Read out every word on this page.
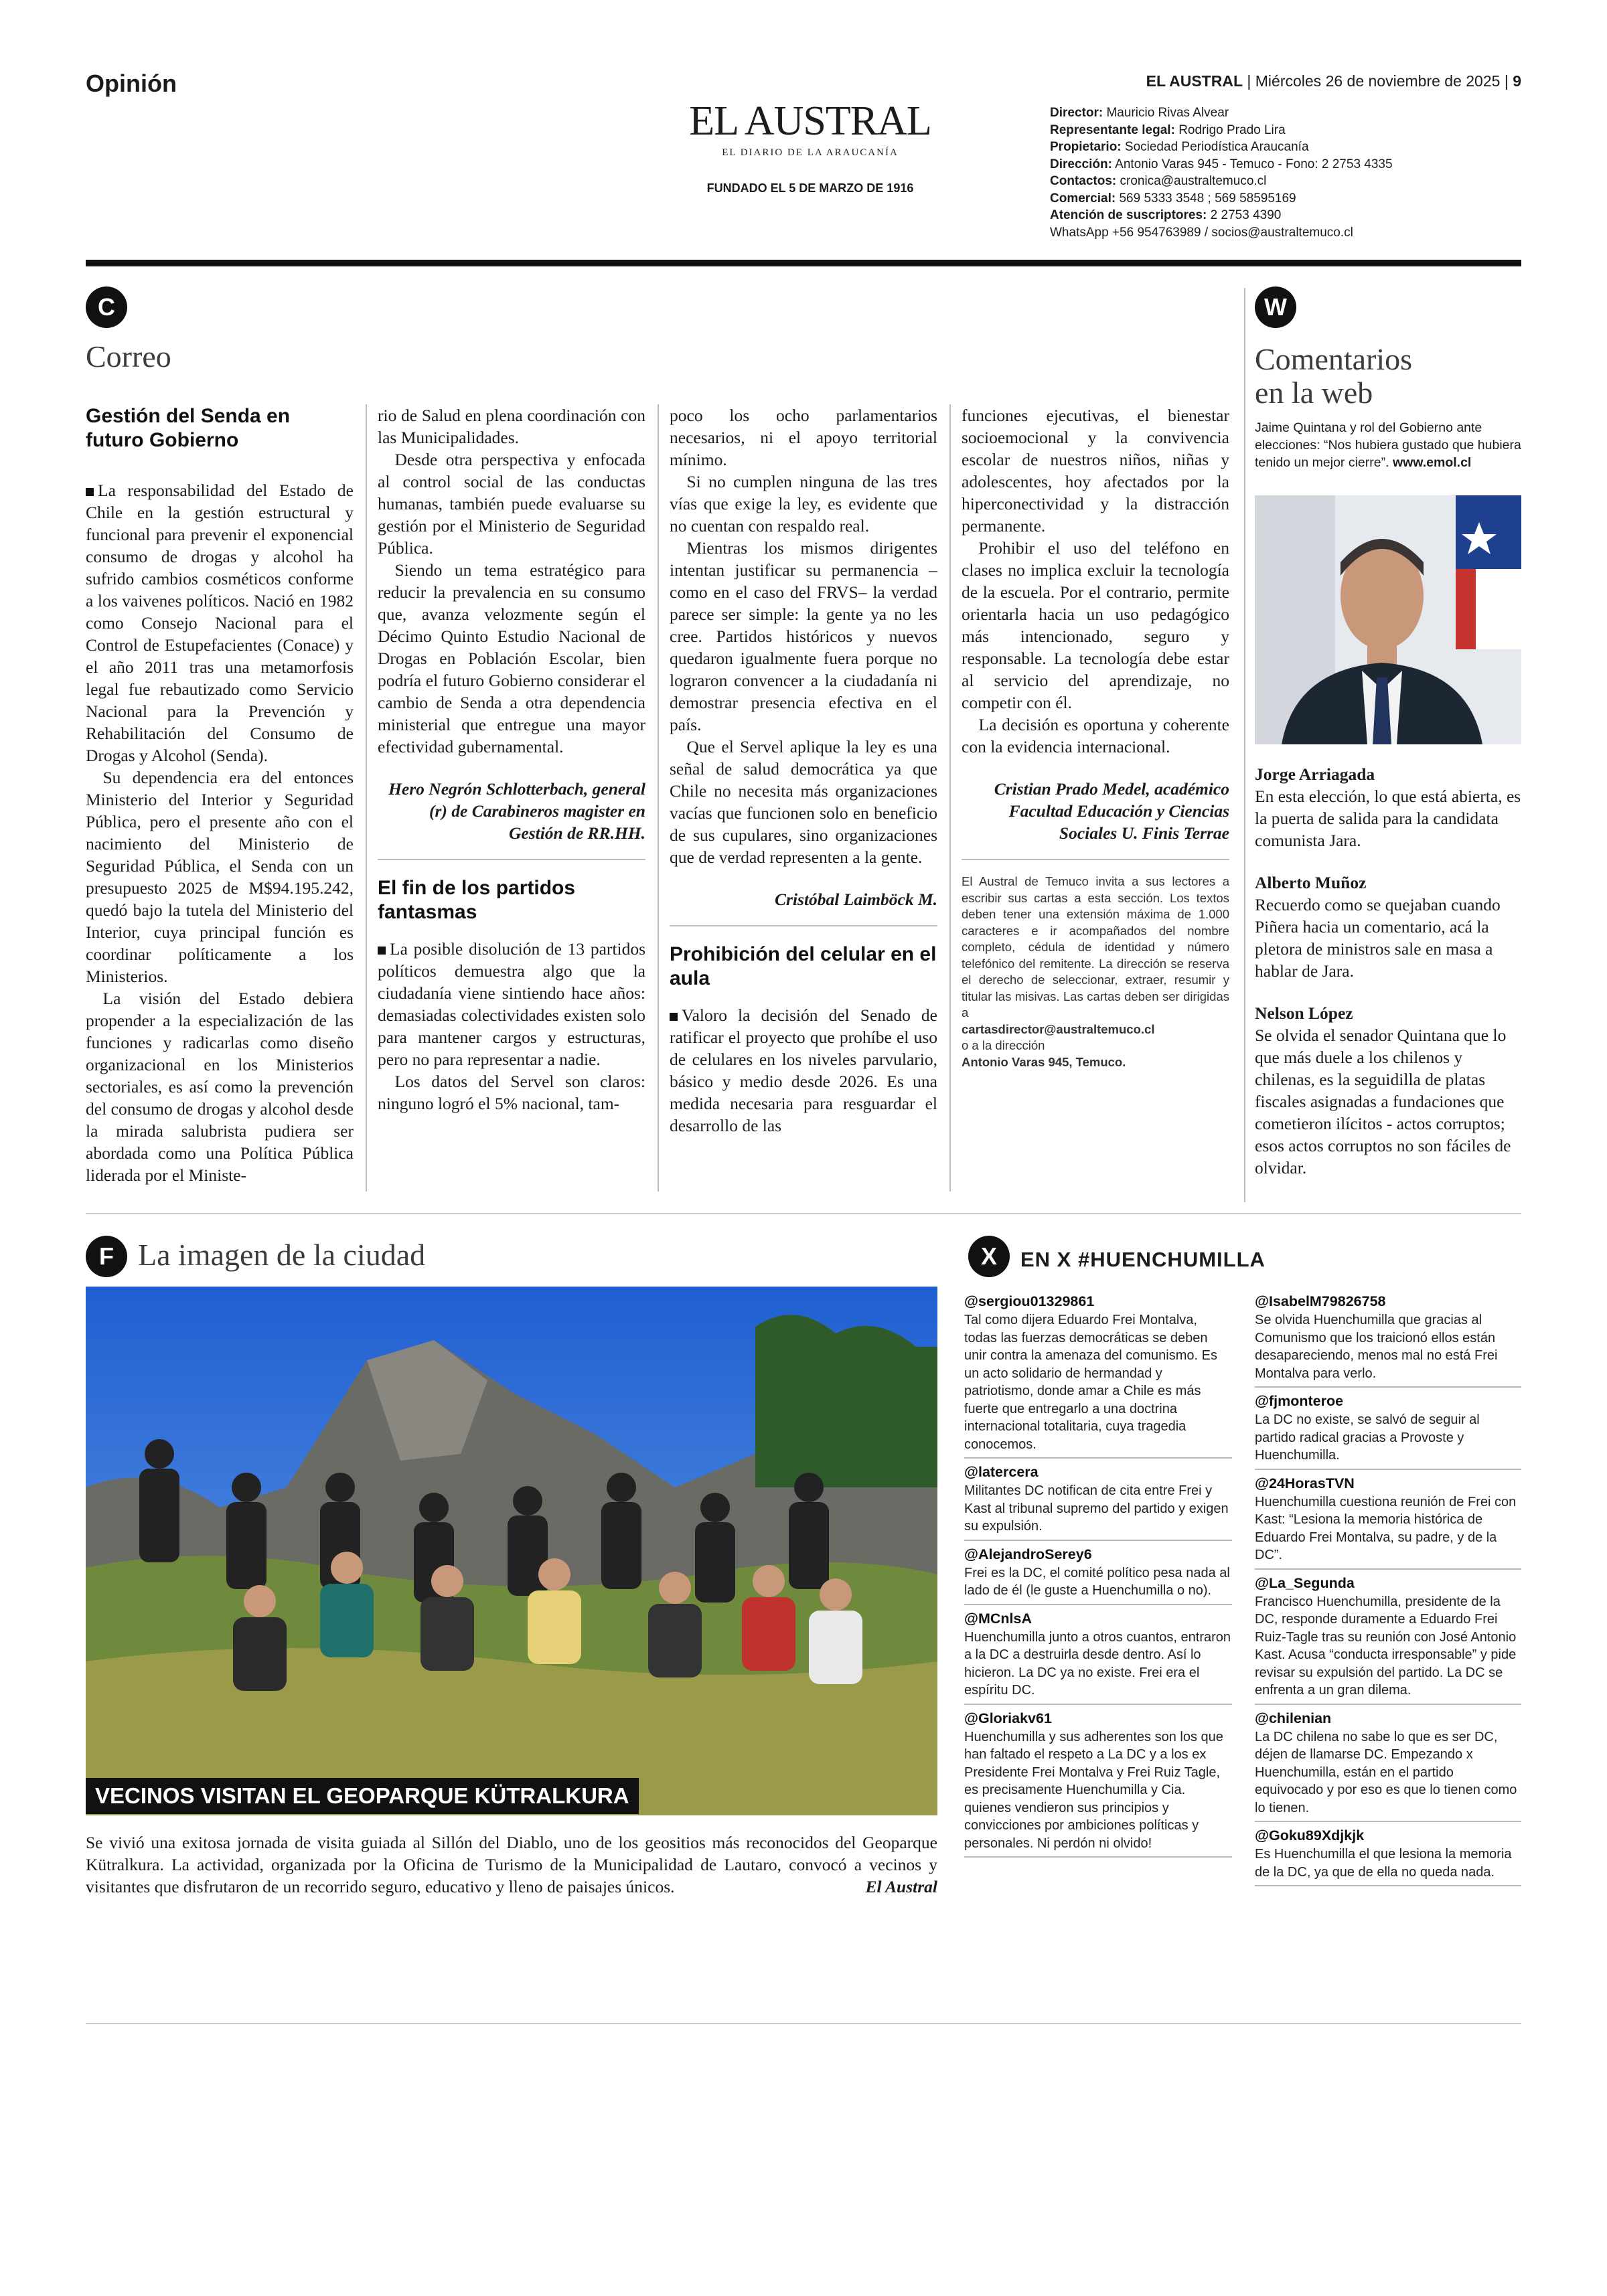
Opinión
EL AUSTRAL
EL DIARIO DE LA ARAUCANÍA
FUNDADO EL 5 DE MARZO DE 1916
EL AUSTRAL | Miércoles 26 de noviembre de 2025 | 9
Director: Mauricio Rivas Alvear
Representante legal: Rodrigo Prado Lira
Propietario: Sociedad Periodística Araucanía
Dirección: Antonio Varas 945 - Temuco - Fono: 2 2753 4335
Contactos: cronica@australtemuco.cl
Comercial: 569 5333 3548 ; 569 58595169
Atención de suscriptores: 2 2753 4390
WhatsApp +56 954763989 / socios@australtemuco.cl
C
Correo
Gestión del Senda en futuro Gobierno

La responsabilidad del Estado de Chile en la gestión estructural y funcional para prevenir el exponencial consumo de drogas y alcohol ha sufrido cambios cosméticos conforme a los vaivenes políticos. Nació en 1982 como Consejo Nacional para el Control de Estupefacientes (Conace) y el año 2011 tras una metamorfosis legal fue rebautizado como Servicio Nacional para la Prevención y Rehabilitación del Consumo de Drogas y Alcohol (Senda).

Su dependencia era del entonces Ministerio del Interior y Seguridad Pública, pero el presente año con el nacimiento del Ministerio de Seguridad Pública, el Senda con un presupuesto 2025 de M$94.195.242, quedó bajo la tutela del Ministerio del Interior, cuya principal función es coordinar políticamente a los Ministerios.

La visión del Estado debiera propender a la especialización de las funciones y radicarlas como diseño organizacional en los Ministerios sectoriales, es así como la prevención del consumo de drogas y alcohol desde la mirada salubrista pudiera ser abordada como una Política Pública liderada por el Ministe-

rio de Salud en plena coordinación con las Municipalidades.

Desde otra perspectiva y enfocada al control social de las conductas humanas, también puede evaluarse su gestión por el Ministerio de Seguridad Pública.

Siendo un tema estratégico para reducir la prevalencia en su consumo que, avanza velozmente según el Décimo Quinto Estudio Nacional de Drogas en Población Escolar, bien podría el futuro Gobierno considerar el cambio de Senda a otra dependencia ministerial que entregue una mayor efectividad gubernamental.

Hero Negrón Schlotterbach, general (r) de Carabineros magister en Gestión de RR.HH.
El fin de los partidos fantasmas

La posible disolución de 13 partidos políticos demuestra algo que la ciudadanía viene sintiendo hace años: demasiadas colectividades existen solo para mantener cargos y estructuras, pero no para representar a nadie.

Los datos del Servel son claros: ninguno logró el 5% nacional, tam-

poco los ocho parlamentarios necesarios, ni el apoyo territorial mínimo.

Si no cumplen ninguna de las tres vías que exige la ley, es evidente que no cuentan con respaldo real.

Mientras los mismos dirigentes intentan justificar su permanencia –como en el caso del FRVS– la verdad parece ser simple: la gente ya no les cree. Partidos históricos y nuevos quedaron igualmente fuera porque no lograron convencer a la ciudadanía ni demostrar presencia efectiva en el país.

Que el Servel aplique la ley es una señal de salud democrática ya que Chile no necesita más organizaciones vacías que funcionen solo en beneficio de sus cupulares, sino organizaciones que de verdad representen a la gente.

Cristóbal Laimböck M.
Prohibición del celular en el aula

Valoro la decisión del Senado de ratificar el proyecto que prohíbe el uso de celulares en los niveles parvulario, básico y medio desde 2026. Es una medida necesaria para resguardar el desarrollo de las

funciones ejecutivas, el bienestar socioemocional y la convivencia escolar de nuestros niños, niñas y adolescentes, hoy afectados por la hiperconectividad y la distracción permanente.

Prohibir el uso del teléfono en clases no implica excluir la tecnología de la escuela. Por el contrario, permite orientarla hacia un uso pedagógico más intencionado, seguro y responsable. La tecnología debe estar al servicio del aprendizaje, no competir con él.

La decisión es oportuna y coherente con la evidencia internacional.

Cristian Prado Medel, académico Facultad Educación y Ciencias Sociales U. Finis Terrae
El Austral de Temuco invita a sus lectores a escribir sus cartas a esta sección. Los textos deben tener una extensión máxima de 1.000 caracteres e ir acompañados del nombre completo, cédula de identidad y número telefónico del remitente. La dirección se reserva el derecho de seleccionar, extraer, resumir y titular las misivas. Las cartas deben ser dirigidas a
cartasdirector@australtemuco.cl
o a la dirección
Antonio Varas 945, Temuco.
W
Comentarios
en la web
Jaime Quintana y rol del Gobierno ante elecciones: “Nos hubiera gustado que hubiera tenido un mejor cierre”. www.emol.cl
Jorge Arriagada
En esta elección, lo que está abierta, es la puerta de salida para la candidata comunista Jara.
Alberto Muñoz
Recuerdo como se quejaban cuando Piñera hacia un comentario, acá la pletora de ministros sale en masa a hablar de Jara.
Nelson López
Se olvida el senador Quintana que lo que más duele a los chilenos y chilenas, es la seguidilla de platas fiscales asignadas a fundaciones que cometieron ilícitos - actos corruptos; esos actos corruptos no son fáciles de olvidar.
F La imagen de la ciudad
VECINOS VISITAN EL GEOPARQUE KÜTRALKURA
Se vivió una exitosa jornada de visita guiada al Sillón del Diablo, uno de los geositios más reconocidos del Geoparque Kütralkura. La actividad, organizada por la Oficina de Turismo de la Municipalidad de Lautaro, convocó a vecinos y visitantes que disfrutaron de un recorrido seguro, educativo y lleno de paisajes únicos.	El Austral
X	EN X #HUENCHUMILLA
@sergiou01329861
Tal como dijera Eduardo Frei Montalva, todas las fuerzas democráticas se deben unir contra la amenaza del comunismo. Es un acto solidario de hermandad y patriotismo, donde amar a Chile es más fuerte que entregarlo a una doctrina internacional totalitaria, cuya tragedia conocemos.
@latercera
Militantes DC notifican de cita entre Frei y Kast al tribunal supremo del partido y exigen su expulsión.
@AlejandroSerey6
Frei es la DC, el comité político pesa nada al lado de él (le guste a Huenchumilla o no).
@MCnlsA
Huenchumilla junto a otros cuantos, entraron a la DC a destruirla desde dentro. Así lo hicieron. La DC ya no existe. Frei era el espíritu DC.
@Gloriakv61
Huenchumilla y sus adherentes son los que han faltado el respeto a La DC y a los ex Presidente Frei Montalva y Frei Ruiz Tagle, es precisamente Huenchumilla y Cia. quienes vendieron sus principios y convicciones por ambiciones políticas y personales. Ni perdón ni olvido!
@IsabelM79826758
Se olvida Huenchumilla que gracias al Comunismo que los traicionó ellos están desapareciendo, menos mal no está Frei Montalva para verlo.
@fjmonteroe
La DC no existe, se salvó de seguir al partido radical gracias a Provoste y Huenchumilla.
@24HorasTVN
Huenchumilla cuestiona reunión de Frei con Kast: “Lesiona la memoria histórica de Eduardo Frei Montalva, su padre, y de la DC”.
@La_Segunda
Francisco Huenchumilla, presidente de la DC, responde duramente a Eduardo Frei Ruiz-Tagle tras su reunión con José Antonio Kast. Acusa “conducta irresponsable” y pide revisar su expulsión del partido. La DC se enfrenta a un gran dilema.
@chilenian
La DC chilena no sabe lo que es ser DC, déjen de llamarse DC. Empezando x Huenchumilla, están en el partido equivocado y por eso es que lo tienen como lo tienen.
@Goku89Xdjkjk
Es Huenchumilla el que lesiona la memoria de la DC, ya que de ella no queda nada.
